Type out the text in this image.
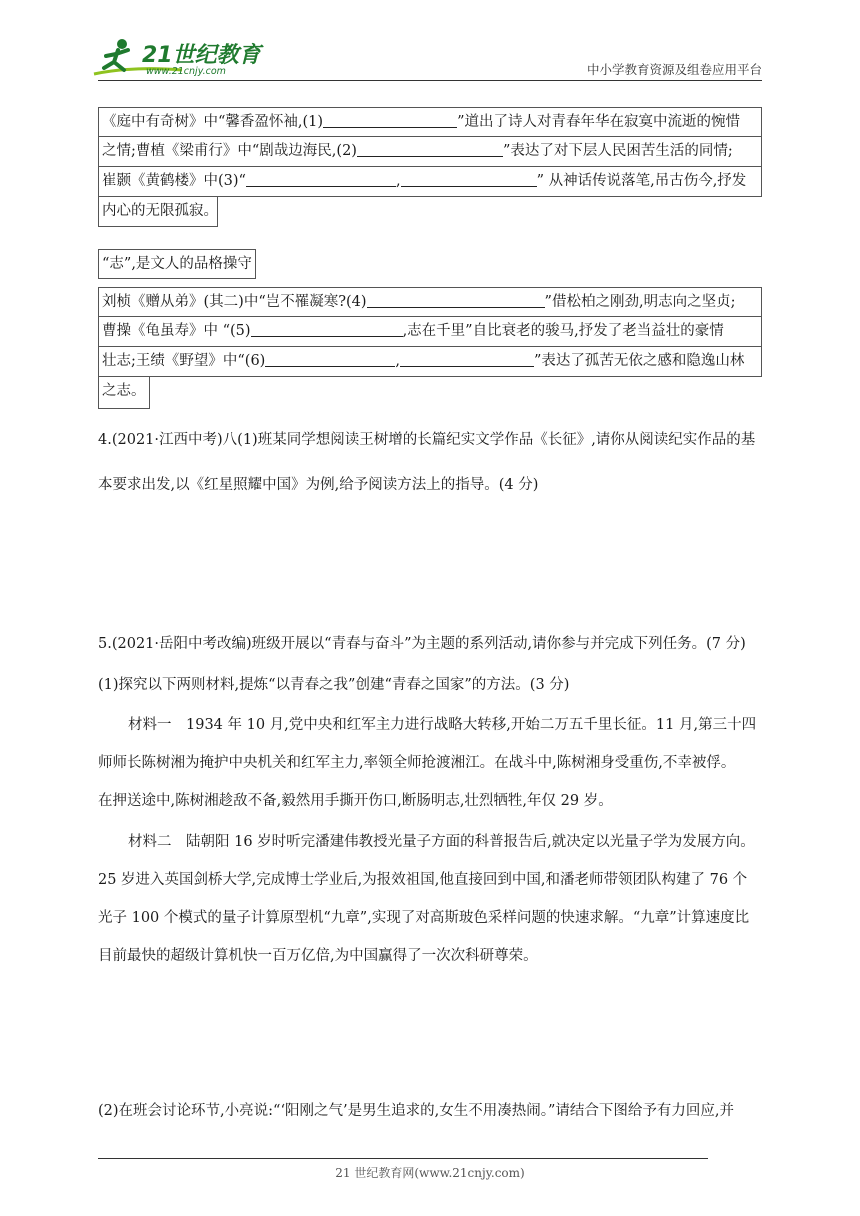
21世纪教育
www.21cnjy.com	中小学教育资源及组卷应用平台
《庭中有奇树》中“馨香盈怀袖,(1)	”道出了诗人对青春年华在寂寞中流逝的惋惜
之情;曹植《梁甫行》中“剧哉边海民,(2)	”表达了对下层人民困苦生活的同情;
崔颢《黄鹤楼》中(3)“	,	” 从神话传说落笔,吊古伤今,抒发
内心的无限孤寂。
“志”,是文人的品格操守
刘桢《赠从弟》(其二)中“岂不罹凝寒?(4)	”借松柏之刚劲,明志向之坚贞;
曹操《龟虽寿》中 “(5)	,志在千里”自比衰老的骏马,抒发了老当益壮的豪情
壮志;王绩《野望》中“(6)	,	”表达了孤苦无依之感和隐逸山林
之志。
4.(2021·江西中考)八(1)班某同学想阅读王树增的长篇纪实文学作品《长征》,请你从阅读纪实作品的基
本要求出发,以《红星照耀中国》为例,给予阅读方法上的指导。(4 分)
5.(2021·岳阳中考改编)班级开展以“青春与奋斗”为主题的系列活动,请你参与并完成下列任务。(7 分)
(1)探究以下两则材料,提炼“以青春之我”创建“青春之国家”的方法。(3 分)
材料一　1934 年 10 月,党中央和红军主力进行战略大转移,开始二万五千里长征。11 月,第三十四
师师长陈树湘为掩护中央机关和红军主力,率领全师抢渡湘江。在战斗中,陈树湘身受重伤,不幸被俘。
在押送途中,陈树湘趁敌不备,毅然用手撕开伤口,断肠明志,壮烈牺牲,年仅 29 岁。
材料二　陆朝阳 16 岁时听完潘建伟教授光量子方面的科普报告后,就决定以光量子学为发展方向。
25 岁进入英国剑桥大学,完成博士学业后,为报效祖国,他直接回到中国,和潘老师带领团队构建了 76 个
光子 100 个模式的量子计算原型机“九章”,实现了对高斯玻色采样问题的快速求解。“九章”计算速度比
目前最快的超级计算机快一百万亿倍,为中国赢得了一次次科研尊荣。
(2)在班会讨论环节,小亮说:“‘阳刚之气’是男生追求的,女生不用凑热闹。”请结合下图给予有力回应,并
21 世纪教育网(www.21cnjy.com)
